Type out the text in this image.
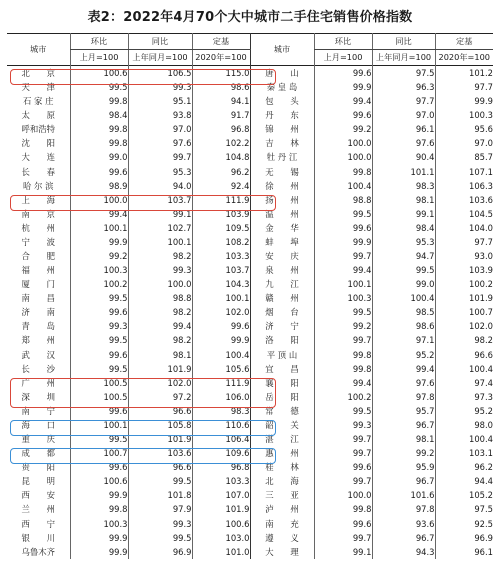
表2：2022年4月70个大中城市二手住宅销售价格指数
城市	环比	同比	定基	城市	环比	同比	定基
	上月=100	上年同月=100	2020年=100		上月=100	上年同月=100	2020年=100
北　　京	100.6	106.5	115.0	唐　　山	99.6	97.5	101.2
天　　津	99.5	99.3	98.6	秦 皇 岛	99.9	96.3	97.7
石 家 庄	99.8	95.1	94.1	包　　头	99.4	97.7	99.9
太　　原	98.4	93.8	91.7	丹　　东	99.6	97.0	100.3
呼和浩特	99.8	97.0	96.8	锦　　州	99.2	96.1	95.6
沈　　阳	99.8	97.6	102.2	吉　　林	100.0	97.6	97.0
大　　连	99.0	99.7	104.8	牡 丹 江	100.0	90.4	85.7
长　　春	99.6	95.3	96.2	无　　锡	99.8	101.1	107.1
哈 尔 滨	98.9	94.0	92.4	徐　　州	100.4	98.3	106.3
上　　海	100.0	103.7	111.9	扬　　州	98.8	98.1	103.6
南　　京	99.4	99.1	103.9	温　　州	99.5	99.1	104.5
杭　　州	100.1	102.7	109.5	金　　华	99.6	98.4	104.0
宁　　波	99.9	100.1	108.2	蚌　　埠	99.9	95.3	97.7
合　　肥	99.2	98.2	103.3	安　　庆	99.7	94.7	93.0
福　　州	100.3	99.3	103.7	泉　　州	99.4	99.5	103.9
厦　　门	100.2	100.0	104.3	九　　江	100.1	99.0	100.2
南　　昌	99.5	98.8	100.1	赣　　州	100.3	100.4	101.9
济　　南	99.6	98.2	102.0	烟　　台	99.5	98.5	100.7
青　　岛	99.3	99.4	99.6	济　　宁	99.2	98.6	102.0
郑　　州	99.5	98.2	99.9	洛　　阳	99.7	97.1	98.2
武　　汉	99.6	98.1	100.4	平 顶 山	99.8	95.2	96.6
长　　沙	99.5	101.9	105.6	宜　　昌	99.8	99.4	100.4
广　　州	100.5	102.0	111.9	襄　　阳	99.4	97.6	97.4
深　　圳	100.5	97.2	106.0	岳　　阳	100.2	97.8	97.3
南　　宁	99.6	96.6	98.3	常　　德	99.5	95.7	95.2
海　　口	100.1	105.8	110.6	韶　　关	99.3	96.7	98.0
重　　庆	99.5	101.9	106.4	湛　　江	99.7	98.1	100.4
成　　都	100.7	103.6	109.6	惠　　州	99.7	99.2	103.1
贵　　阳	99.6	96.6	96.8	桂　　林	99.6	95.9	96.2
昆　　明	100.6	99.5	103.3	北　　海	99.7	96.7	94.4
西　　安	99.9	101.8	107.0	三　　亚	100.0	101.6	105.2
兰　　州	99.8	97.9	101.9	泸　　州	99.8	97.8	97.5
西　　宁	100.3	99.3	100.6	南　　充	99.6	93.6	92.5
银　　川	99.9	99.5	103.0	遵　　义	99.7	96.7	96.9
乌鲁木齐	99.9	96.9	101.0	大　　理	99.1	94.3	96.1
